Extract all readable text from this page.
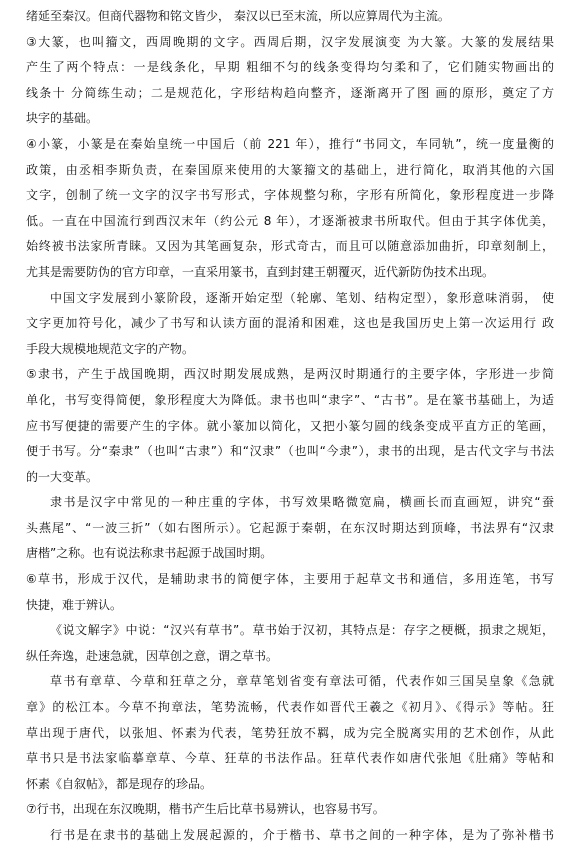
绪延至秦汉。但商代器物和铭文皆少， 秦汉以已至末流，所以应算周代为主流。
③大篆，也叫籀文，西周晚期的文字。西周后期，汉字发展演变 为大篆。大篆的发展结果
产生了两个特点：一是线条化，早期 粗细不匀的线条变得均匀柔和了，它们随实物画出的
线条十 分简练生动；二是规范化，字形结构趋向整齐，逐渐离开了图 画的原形，奠定了方
块字的基础。
④小篆，小篆是在秦始皇统一中国后（前 221 年），推行“书同文，车同轨”，统一度量衡的
政策，由丞相李斯负责，在秦国原来使用的大篆籀文的基础上，进行简化，取消其他的六国
文字，创制了统一文字的汉字书写形式，字体规整匀称，字形有所简化，象形程度进一步降
低。一直在中国流行到西汉末年（约公元 8 年），才逐渐被隶书所取代。但由于其字体优美，
始终被书法家所青睐。又因为其笔画复杂，形式奇古，而且可以随意添加曲折，印章刻制上，
尤其是需要防伪的官方印章，一直采用篆书，直到封建王朝覆灭，近代新防伪技术出现。
中国文字发展到小篆阶段，逐渐开始定型（轮廓、笔划、结构定型），象形意味消弱， 使
文字更加符号化，减少了书写和认读方面的混淆和困难，这也是我国历史上第一次运用行 政
手段大规模地规范文字的产物。
⑤隶书，产生于战国晚期，西汉时期发展成熟，是两汉时期通行的主要字体，字形进一步简
单化，书写变得简便，象形程度大为降低。隶书也叫“隶字”、“古书”。是在篆书基础上，为适
应书写便捷的需要产生的字体。就小篆加以简化，又把小篆匀圆的线条变成平直方正的笔画，
便于书写。分“秦隶”（也叫“古隶”）和“汉隶”（也叫“今隶”），隶书的出现，是古代文字与书法
的一大变革。
隶书是汉字中常见的一种庄重的字体，书写效果略微宽扁，横画长而直画短，讲究“蚕
头燕尾”、“一波三折”（如右图所示）。它起源于秦朝，在东汉时期达到顶峰，书法界有“汉隶
唐楷”之称。也有说法称隶书起源于战国时期。
⑥草书，形成于汉代，是辅助隶书的简便字体，主要用于起草文书和通信，多用连笔，书写
快捷，难于辨认。
《说文解字》中说：“汉兴有草书”。草书始于汉初，其特点是：存字之梗概，损隶之规矩，
纵任奔逸，赴速急就，因草创之意，谓之草书。
草书有章草、今草和狂草之分，章草笔划省变有章法可循，代表作如三国吴皇象《急就
章》的松江本。今草不拘章法，笔势流畅，代表作如晋代王羲之《初月》、《得示》等帖。狂
草出现于唐代，以张旭、怀素为代表，笔势狂放不羁，成为完全脱离实用的艺术创作，从此
草书只是书法家临摹章草、今草、狂草的书法作品。狂草代表作如唐代张旭《肚痛》等帖和
怀素《自叙帖》，都是现存的珍品。
⑦行书，出现在东汉晚期，楷书产生后比草书易辨认，也容易书写。
行书是在隶书的基础上发展起源的，介于楷书、草书之间的一种字体，是为了弥补楷书
